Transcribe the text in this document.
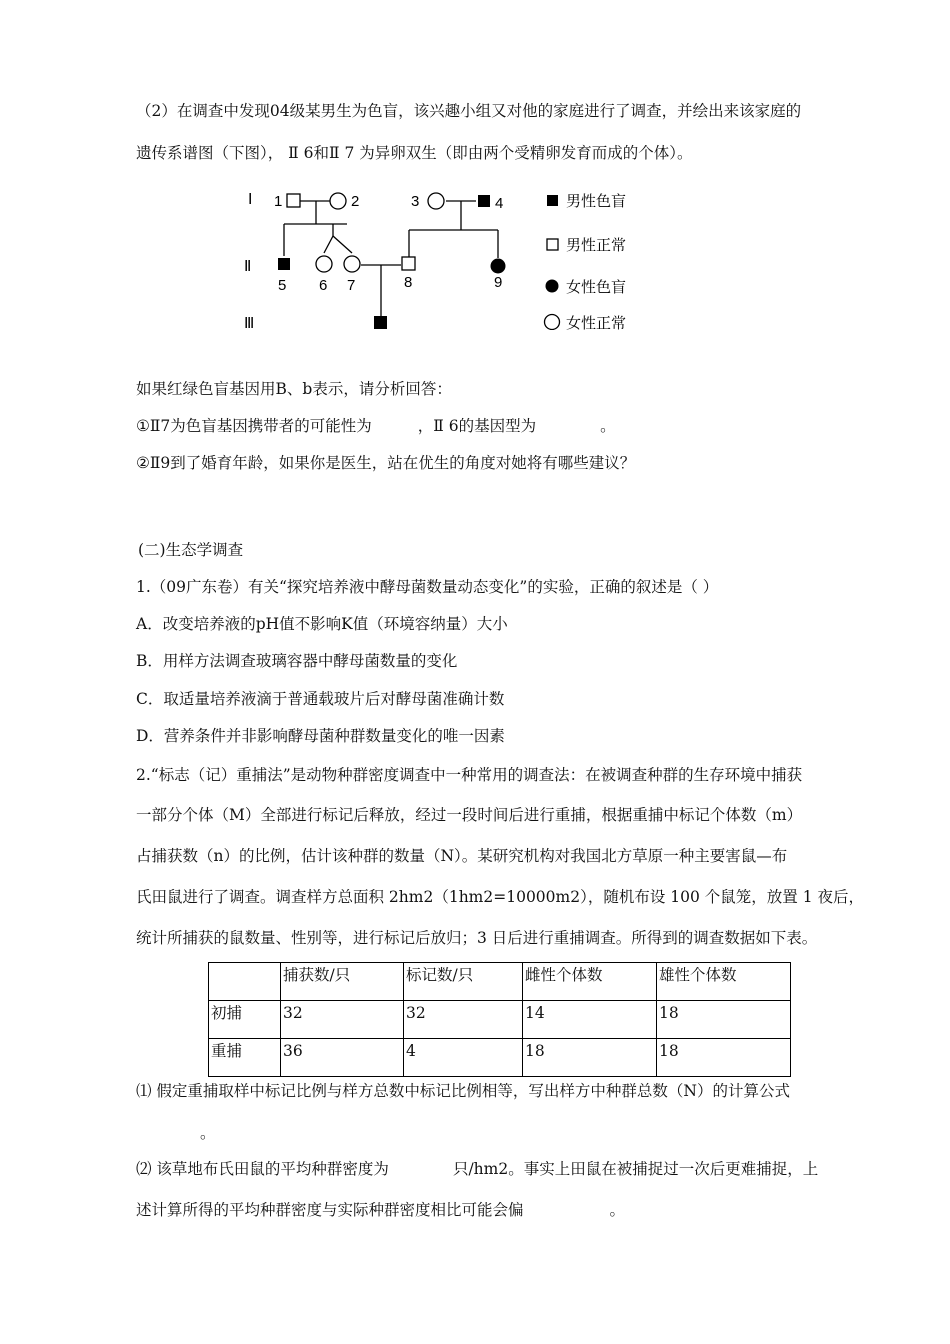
（2）在调查中发现04级某男生为色盲，该兴趣小组又对他的家庭进行了调查，并绘出来该家庭的
遗传系谱图（下图）， Ⅱ 6和Ⅱ 7 为异卵双生（即由两个受精卵发育而成的个体）。
Ⅰ
Ⅱ
Ⅲ
1	2	3	4
5 6 7	8	9
男性色盲
男性正常
女性色盲
女性正常
如果红绿色盲基因用B、b表示，请分析回答：
①Ⅱ7为色盲基因携带者的可能性为	，Ⅱ 6的基因型为	。
②Ⅱ9到了婚育年龄，如果你是医生，站在优生的角度对她将有哪些建议？
(二)生态学调查
1.（09广东卷）有关“探究培养液中酵母菌数量动态变化”的实验，正确的叙述是（ ）
A．改变培养液的pH值不影响K值（环境容纳量）大小
B．用样方法调查玻璃容器中酵母菌数量的变化
C．取适量培养液滴于普通载玻片后对酵母菌准确计数
D．营养条件并非影响酵母菌种群数量变化的唯一因素
2.“标志（记）重捕法”是动物种群密度调查中一种常用的调查法：在被调查种群的生存环境中捕获
一部分个体（M）全部进行标记后释放，经过一段时间后进行重捕，根据重捕中标记个体数（m）
占捕获数（n）的比例，估计该种群的数量（N）。某研究机构对我国北方草原一种主要害鼠—布
氏田鼠进行了调查。调查样方总面积 2hm2（1hm2=10000m2），随机布设 100 个鼠笼，放置 1 夜后，
统计所捕获的鼠数量、性别等，进行标记后放归；3 日后进行重捕调查。所得到的调查数据如下表。
	捕获数/只	标记数/只	雌性个体数	雄性个体数
初捕	32	32	14	18
重捕	36	4	18	18
⑴ 假定重捕取样中标记比例与样方总数中标记比例相等，写出样方中种群总数（N）的计算公式
。
⑵ 该草地布氏田鼠的平均种群密度为	只/hm2。事实上田鼠在被捕捉过一次后更难捕捉，上
述计算所得的平均种群密度与实际种群密度相比可能会偏	。
